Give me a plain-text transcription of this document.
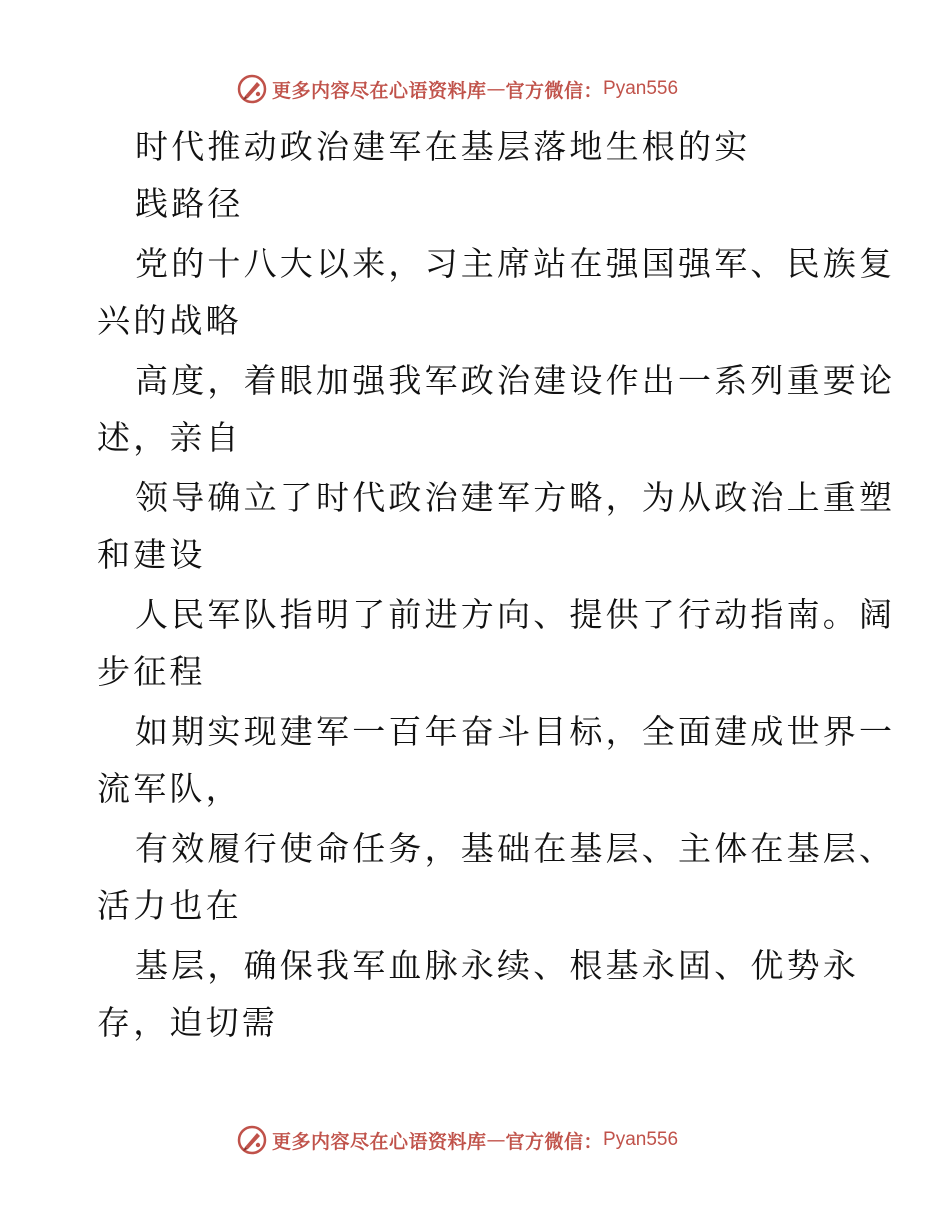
更多内容尽在心语资料库 — 官方微信： Pyan556
时代推动政治建军在基层落地生根的实
践路径
党的十八大以来，习主席站在强国强军、民族复
兴的战略
高度，着眼加强我军政治建设作出一系列重要论
述，亲自
领导确立了时代政治建军方略，为从政治上重塑
和建设
人民军队指明了前进方向、提供了行动指南。阔
步征程
如期实现建军一百年奋斗目标，全面建成世界一
流军队，
有效履行使命任务，基础在基层、主体在基层、
活力也在
基层，确保我军血脉永续、根基永固、优势永
存，迫切需
更多内容尽在心语资料库 — 官方微信： Pyan556
